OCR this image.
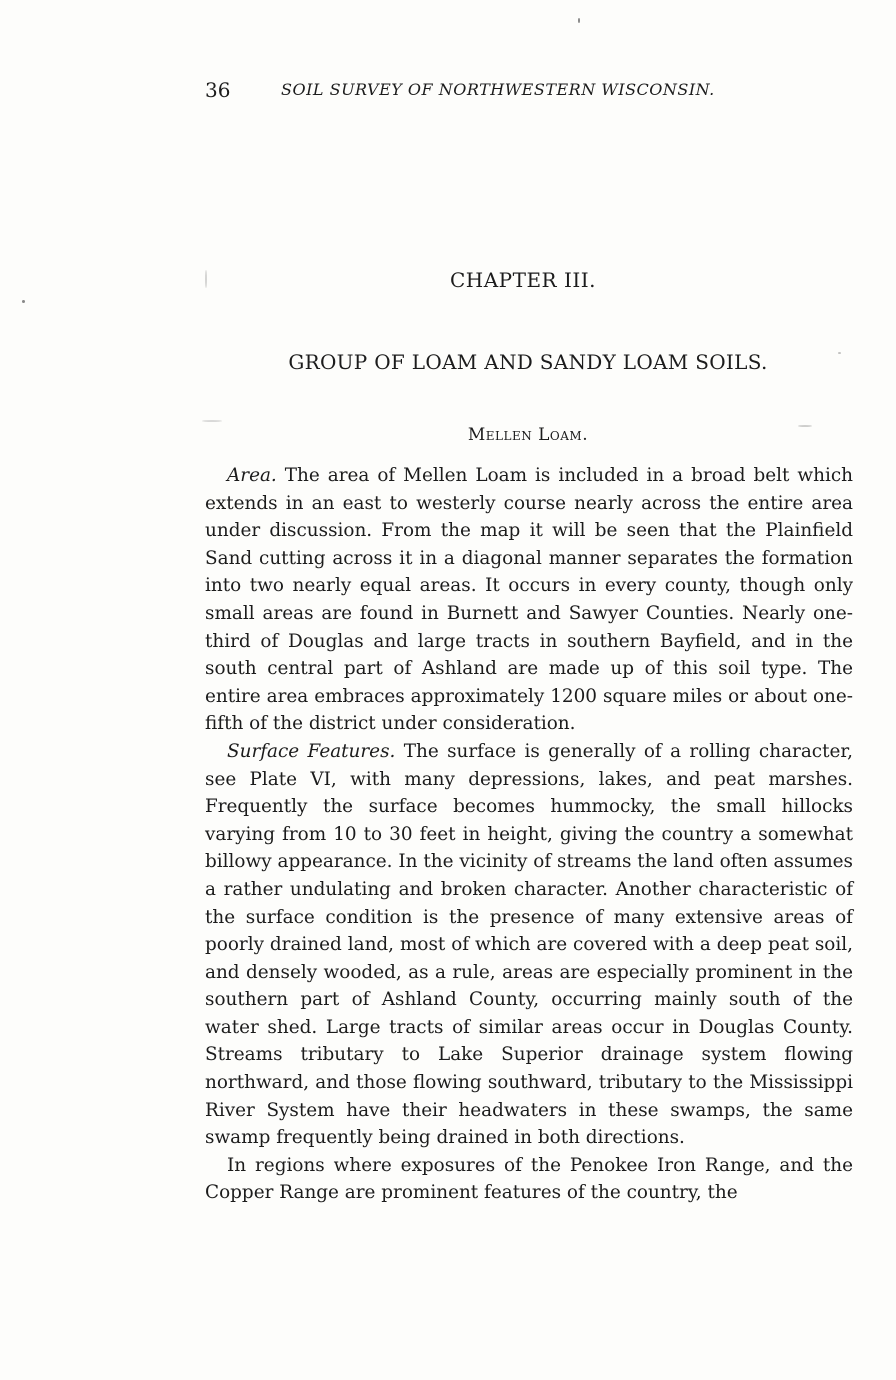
36	SOIL SURVEY OF NORTHWESTERN WISCONSIN.
CHAPTER III.
GROUP OF LOAM AND SANDY LOAM SOILS.
Mellen Loam.

Area. The area of Mellen Loam is included in a broad belt which extends in an east to westerly course nearly across the entire area under discussion. From the map it will be seen that the Plainfield Sand cutting across it in a diagonal manner separates the formation into two nearly equal areas. It occurs in every county, though only small areas are found in Burnett and Sawyer Counties. Nearly one-third of Douglas and large tracts in southern Bayfield, and in the south central part of Ashland are made up of this soil type. The entire area embraces approximately 1200 square miles or about one-fifth of the district under consideration.

Surface Features. The surface is generally of a rolling character, see Plate VI, with many depressions, lakes, and peat marshes. Frequently the surface becomes hummocky, the small hillocks varying from 10 to 30 feet in height, giving the country a somewhat billowy appearance. In the vicinity of streams the land often assumes a rather undulating and broken character. Another characteristic of the surface condition is the presence of many extensive areas of poorly drained land, most of which are covered with a deep peat soil, and densely wooded, as a rule, areas are especially prominent in the southern part of Ashland County, occurring mainly south of the water shed. Large tracts of similar areas occur in Douglas County. Streams tributary to Lake Superior drainage system flowing northward, and those flowing southward, tributary to the Mississippi River System have their headwaters in these swamps, the same swamp frequently being drained in both directions.

In regions where exposures of the Penokee Iron Range, and the Copper Range are prominent features of the country, the
